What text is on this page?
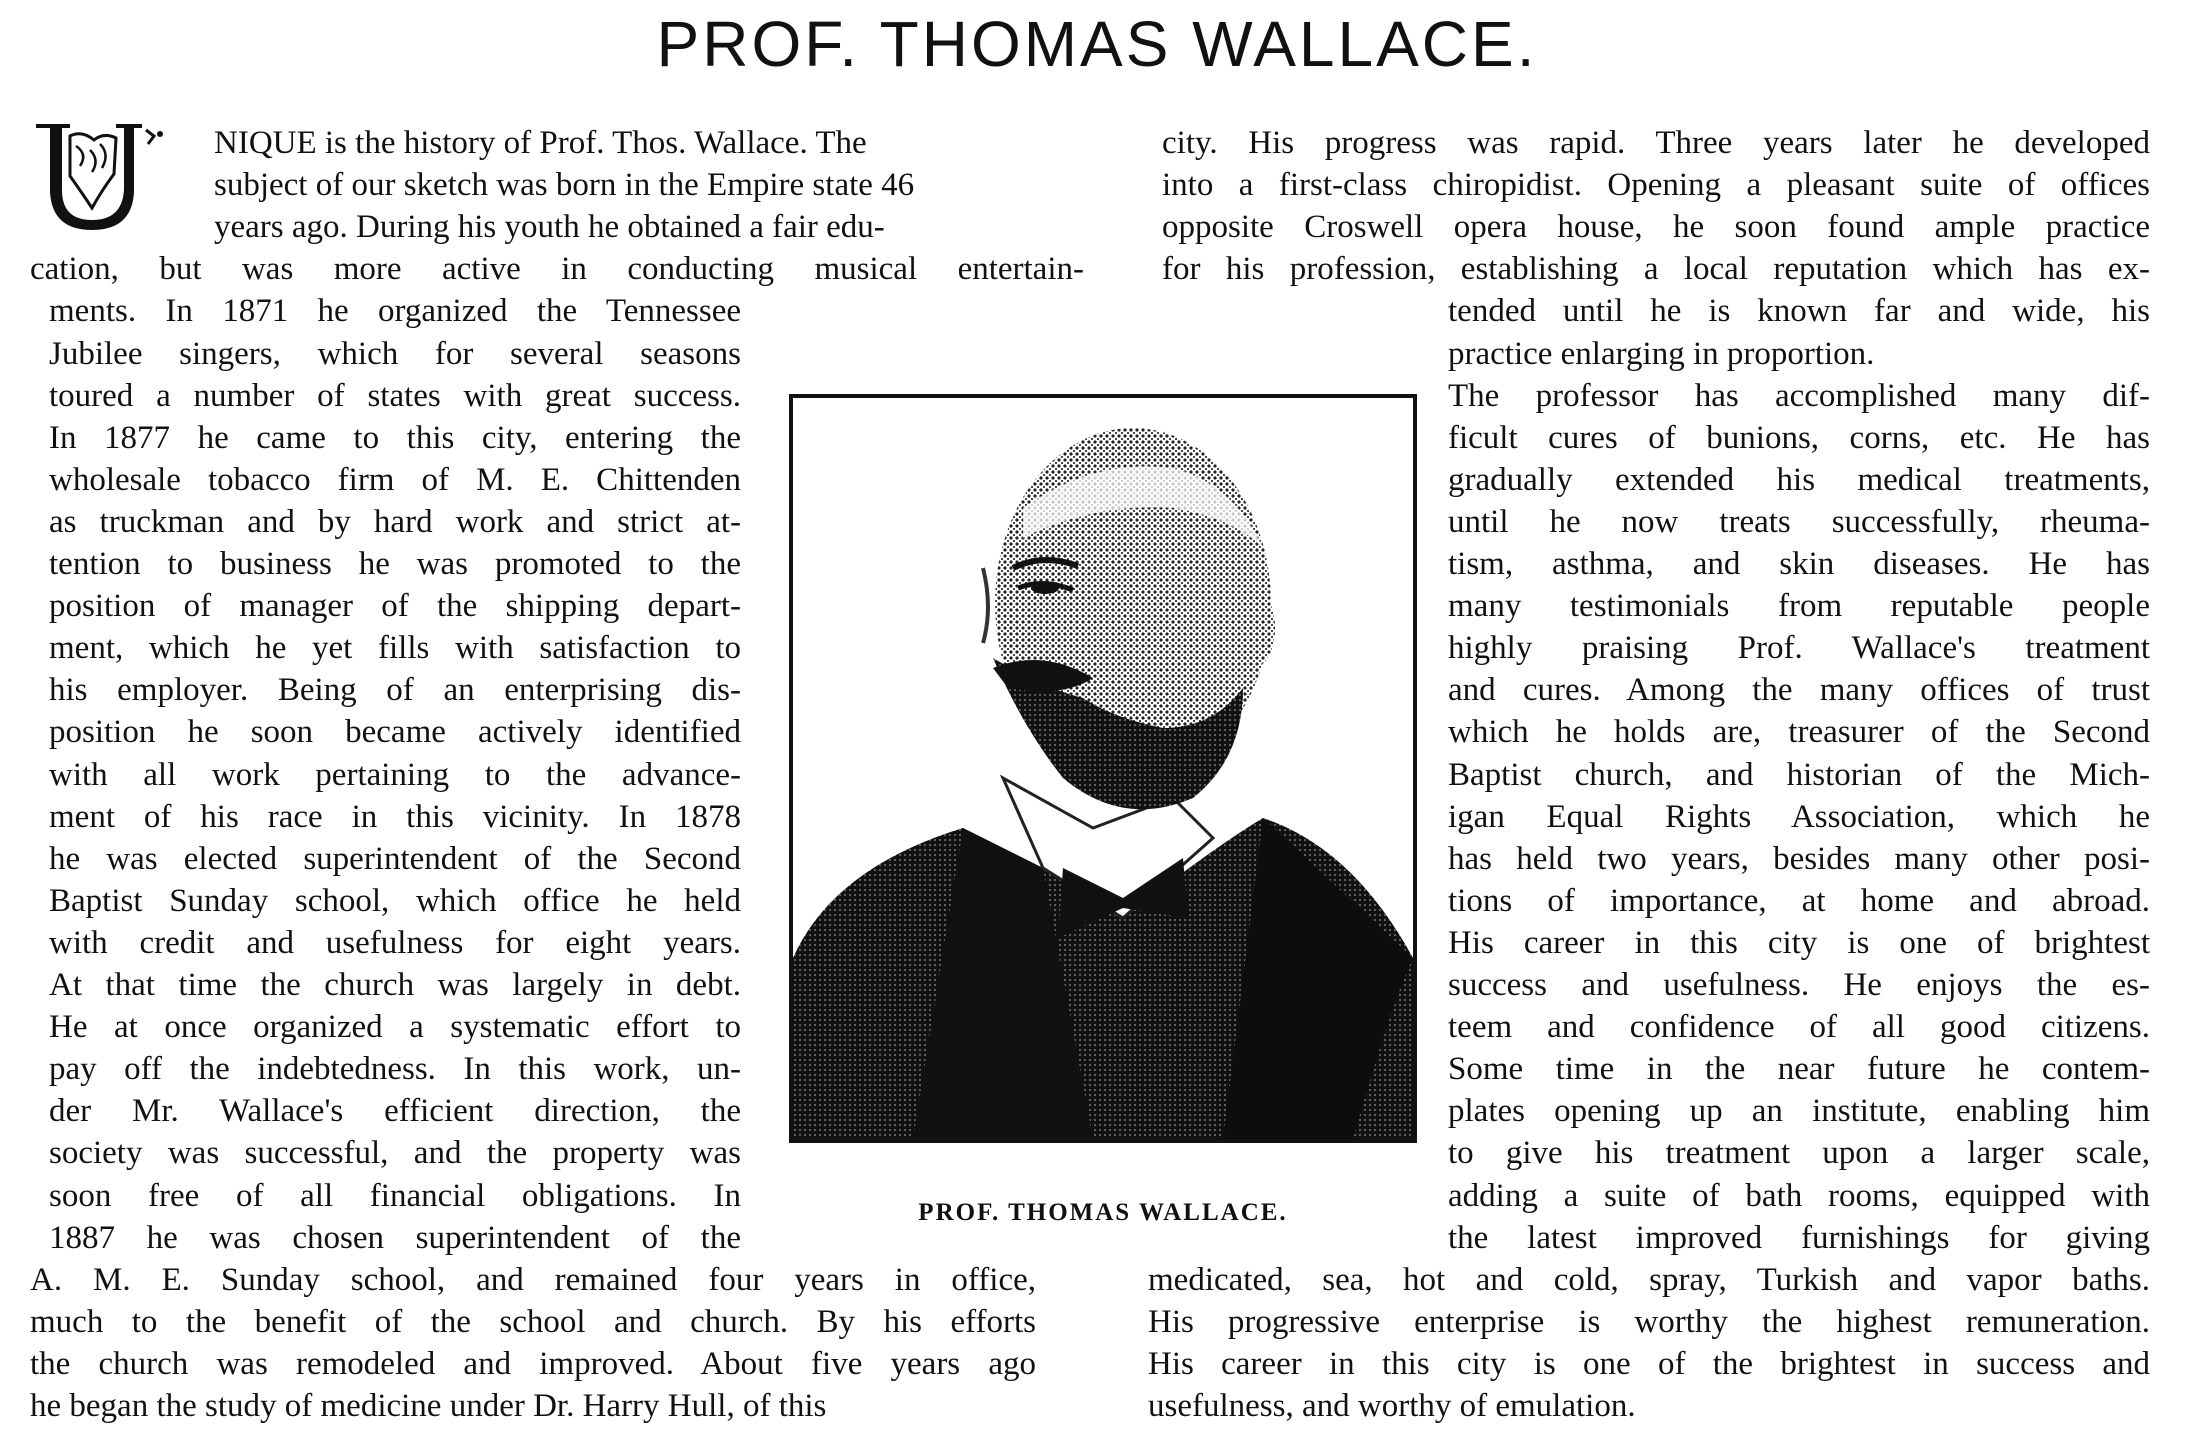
PROF. THOMAS WALLACE.
NIQUE is the history of Prof. Thos. Wallace. The
subject of our sketch was born in the Empire state 46
years ago. During his youth he obtained a fair edu-
cation, but was more active in conducting musical entertain-
ments. In 1871 he organized the Tennessee
Jubilee singers, which for several seasons
toured a number of states with great success.
In 1877 he came to this city, entering the
wholesale tobacco firm of M. E. Chittenden
as truckman and by hard work and strict at-
tention to business he was promoted to the
position of manager of the shipping depart-
ment, which he yet fills with satisfaction to
his employer. Being of an enterprising dis-
position he soon became actively identified
with all work pertaining to the advance-
ment of his race in this vicinity. In 1878
he was elected superintendent of the Second
Baptist Sunday school, which office he held
with credit and usefulness for eight years.
At that time the church was largely in debt.
He at once organized a systematic effort to
pay off the indebtedness. In this work, un-
der Mr. Wallace's efficient direction, the
society was successful, and the property was
soon free of all financial obligations. In
1887 he was chosen superintendent of the
A. M. E. Sunday school, and remained four years in office,
much to the benefit of the school and church. By his efforts
the church was remodeled and improved. About five years ago
he began the study of medicine under Dr. Harry Hull, of this
city. His progress was rapid. Three years later he developed
into a first-class chiropidist. Opening a pleasant suite of offices
opposite Croswell opera house, he soon found ample practice
for his profession, establishing a local reputation which has ex-
tended until he is known far and wide, his
practice enlarging in proportion.
The professor has accomplished many dif-
ficult cures of bunions, corns, etc. He has
gradually extended his medical treatments,
until he now treats successfully, rheuma-
tism, asthma, and skin diseases. He has
many testimonials from reputable people
highly praising Prof. Wallace's treatment
and cures. Among the many offices of trust
which he holds are, treasurer of the Second
Baptist church, and historian of the Mich-
igan Equal Rights Association, which he
has held two years, besides many other posi-
tions of importance, at home and abroad.
His career in this city is one of brightest
success and usefulness. He enjoys the es-
teem and confidence of all good citizens.
Some time in the near future he contem-
plates opening up an institute, enabling him
to give his treatment upon a larger scale,
adding a suite of bath rooms, equipped with
the latest improved furnishings for giving
medicated, sea, hot and cold, spray, Turkish and vapor baths.
His progressive enterprise is worthy the highest remuneration.
His career in this city is one of the brightest in success and
usefulness, and worthy of emulation.
PROF. THOMAS WALLACE.
